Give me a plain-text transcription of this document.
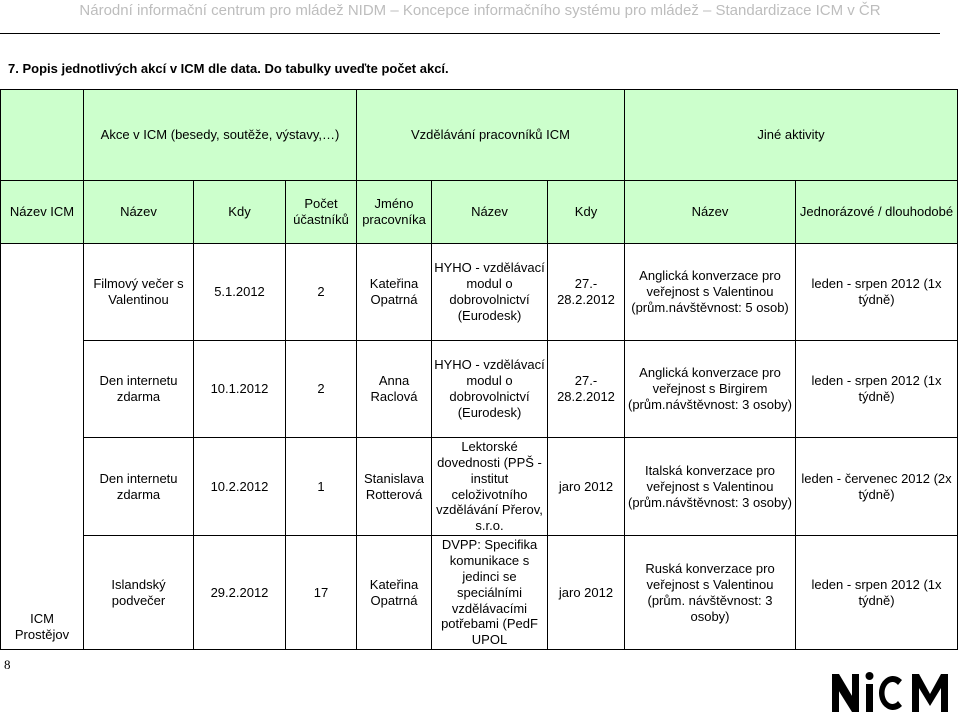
Národní informační centrum pro mládež NIDM – Koncepce informačního systému pro mládež – Standardizace ICM v ČR
7. Popis jednotlivých akcí v ICM dle data. Do tabulky uveďte počet akcí.
	Akce v ICM (besedy, soutěže, výstavy,…)			Vzdělávání pracovníků ICM			Jiné aktivity	
Název ICM	Název	Kdy	Počet účastníků	Jméno pracovníka	Název	Kdy	Název	Jednorázové / dlouhodobé
ICM Prostějov	Filmový večer s Valentinou	5.1.2012	2	Kateřina Opatrná	HYHO - vzdělávací modul o dobrovolnictví (Eurodesk)	27.- 28.2.2012	Anglická konverzace pro veřejnost s Valentinou (prům.návštěvnost: 5 osob)	leden - srpen 2012 (1x týdně)
	Den internetu zdarma	10.1.2012	2	Anna Raclová	HYHO - vzdělávací modul o dobrovolnictví (Eurodesk)	27.- 28.2.2012	Anglická konverzace pro veřejnost s Birgirem (prům.návštěvnost: 3 osoby)	leden - srpen 2012 (1x týdně)
	Den internetu zdarma	10.2.2012	1	Stanislava Rotterová	Lektorské dovednosti (PPŠ - institut celoživotního vzdělávání Přerov, s.r.o.	jaro 2012	Italská konverzace pro veřejnost s Valentinou (prům.návštěvnost: 3 osoby)	leden - červenec 2012 (2x týdně)
	Islandský podvečer	29.2.2012	17	Kateřina Opatrná	DVPP: Specifika komunikace s jedinci se speciálními vzdělávacími potřebami (PedF UPOL	jaro 2012	Ruská konverzace pro veřejnost s Valentinou (prům. návštěvnost: 3 osoby)	leden - srpen 2012 (1x týdně)
8
